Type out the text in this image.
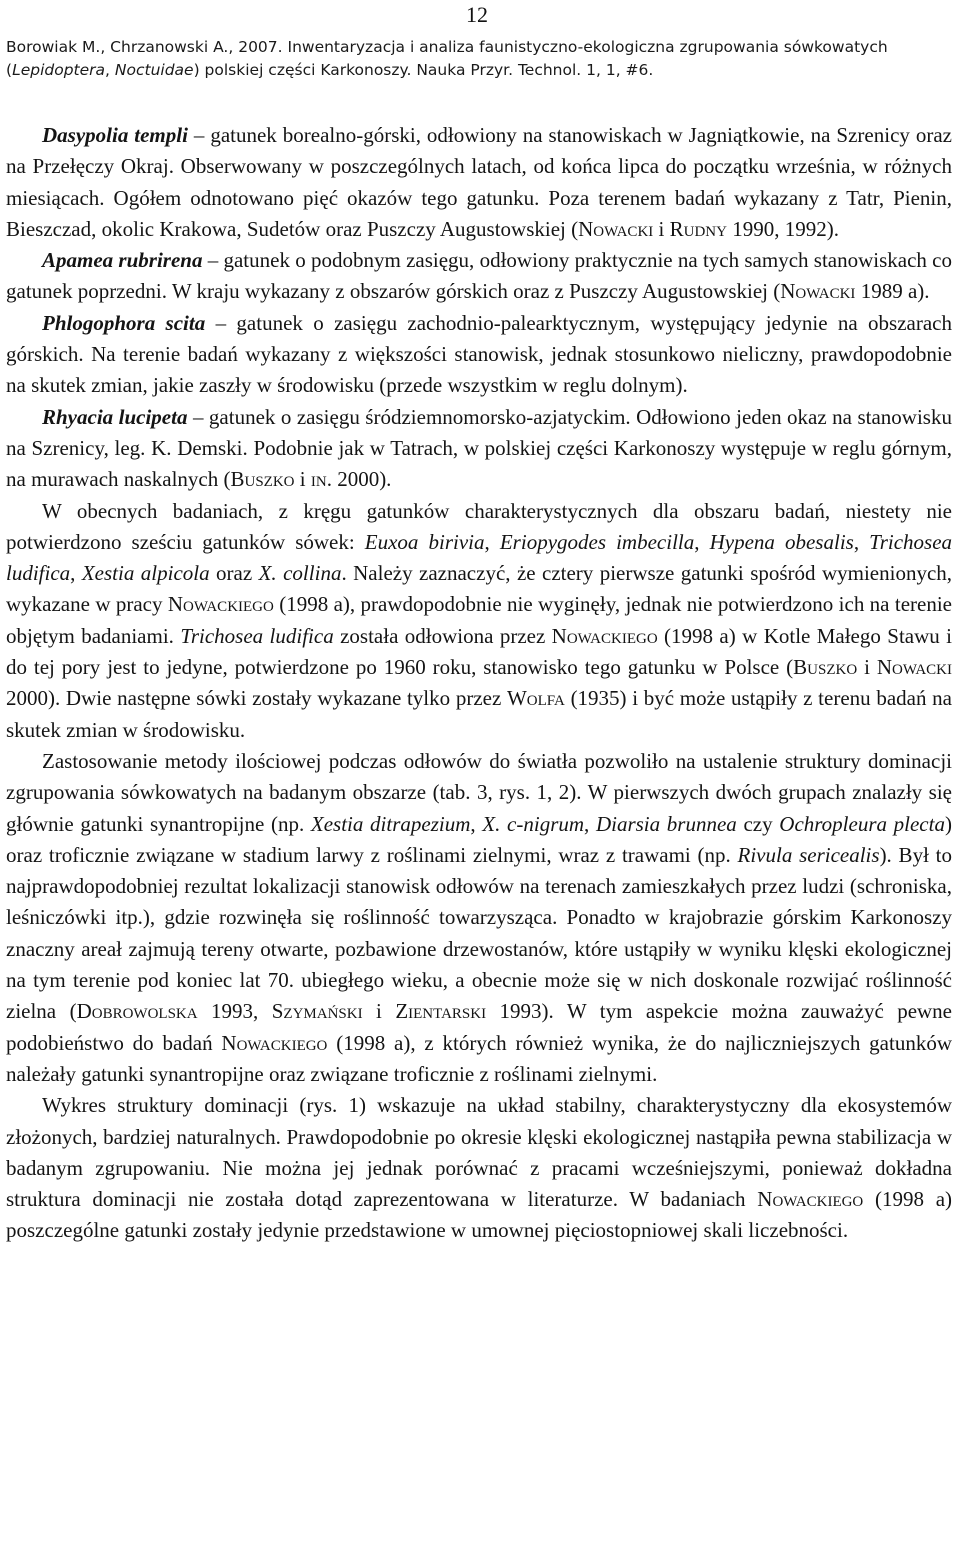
12
Borowiak M., Chrzanowski A., 2007. Inwentaryzacja i analiza faunistyczno-ekologiczna zgrupowania sówkowatych
(Lepidoptera, Noctuidae) polskiej części Karkonoszy. Nauka Przyr. Technol. 1, 1, #6.

Dasypolia templi – gatunek borealno-górski, odłowiony na stanowiskach w Jagniątkowie, na Szrenicy oraz na Przełęczy Okraj. Obserwowany w poszczególnych latach, od końca lipca do początku września, w różnych miesiącach. Ogółem odnotowano pięć okazów tego gatunku. Poza terenem badań wykazany z Tatr, Pienin, Bieszczad, okolic Krakowa, Sudetów oraz Puszczy Augustowskiej (Nowacki i Rudny 1990, 1992).

Apamea rubrirena – gatunek o podobnym zasięgu, odłowiony praktycznie na tych samych stanowiskach co gatunek poprzedni. W kraju wykazany z obszarów górskich oraz z Puszczy Augustowskiej (Nowacki 1989 a).

Phlogophora scita – gatunek o zasięgu zachodnio-palearktycznym, występujący jedynie na obszarach górskich. Na terenie badań wykazany z większości stanowisk, jednak stosunkowo nieliczny, prawdopodobnie na skutek zmian, jakie zaszły w środowisku (przede wszystkim w reglu dolnym).

Rhyacia lucipeta – gatunek o zasięgu śródziemnomorsko-azjatyckim. Odłowiono jeden okaz na stanowisku na Szrenicy, leg. K. Demski. Podobnie jak w Tatrach, w polskiej części Karkonoszy występuje w reglu górnym, na murawach naskalnych (Buszko i in. 2000).

W obecnych badaniach, z kręgu gatunków charakterystycznych dla obszaru badań, niestety nie potwierdzono sześciu gatunków sówek: Euxoa birivia, Eriopygodes imbecilla, Hypena obesalis, Trichosea ludifica, Xestia alpicola oraz X. collina. Należy zaznaczyć, że cztery pierwsze gatunki spośród wymienionych, wykazane w pracy Nowackiego (1998 a), prawdopodobnie nie wyginęły, jednak nie potwierdzono ich na terenie objętym badaniami. Trichosea ludifica została odłowiona przez Nowackiego (1998 a) w Kotle Małego Stawu i do tej pory jest to jedyne, potwierdzone po 1960 roku, stanowisko tego gatunku w Polsce (Buszko i Nowacki 2000). Dwie następne sówki zostały wykazane tylko przez Wolfa (1935) i być może ustąpiły z terenu badań na skutek zmian w środowisku.

Zastosowanie metody ilościowej podczas odłowów do światła pozwoliło na ustalenie struktury dominacji zgrupowania sówkowatych na badanym obszarze (tab. 3, rys. 1, 2). W pierwszych dwóch grupach znalazły się głównie gatunki synantropijne (np. Xestia ditrapezium, X. c-nigrum, Diarsia brunnea czy Ochropleura plecta) oraz troficznie związane w stadium larwy z roślinami zielnymi, wraz z trawami (np. Rivula sericealis). Był to najprawdopodobniej rezultat lokalizacji stanowisk odłowów na terenach zamieszkałych przez ludzi (schroniska, leśniczówki itp.), gdzie rozwinęła się roślinność towarzysząca. Ponadto w krajobrazie górskim Karkonoszy znaczny areał zajmują tereny otwarte, pozbawione drzewostanów, które ustąpiły w wyniku klęski ekologicznej na tym terenie pod koniec lat 70. ubiegłego wieku, a obecnie może się w nich doskonale rozwijać roślinność zielna (Dobrowolska 1993, Szymański i Zientarski 1993). W tym aspekcie można zauważyć pewne podobieństwo do badań Nowackiego (1998 a), z których również wynika, że do najliczniejszych gatunków należały gatunki synantropijne oraz związane troficznie z roślinami zielnymi.

Wykres struktury dominacji (rys. 1) wskazuje na układ stabilny, charakterystyczny dla ekosystemów złożonych, bardziej naturalnych. Prawdopodobnie po okresie klęski ekologicznej nastąpiła pewna stabilizacja w badanym zgrupowaniu. Nie można jej jednak porównać z pracami wcześniejszymi, ponieważ dokładna struktura dominacji nie została dotąd zaprezentowana w literaturze. W badaniach Nowackiego (1998 a) poszczególne gatunki zostały jedynie przedstawione w umownej pięciostopniowej skali liczebności.
